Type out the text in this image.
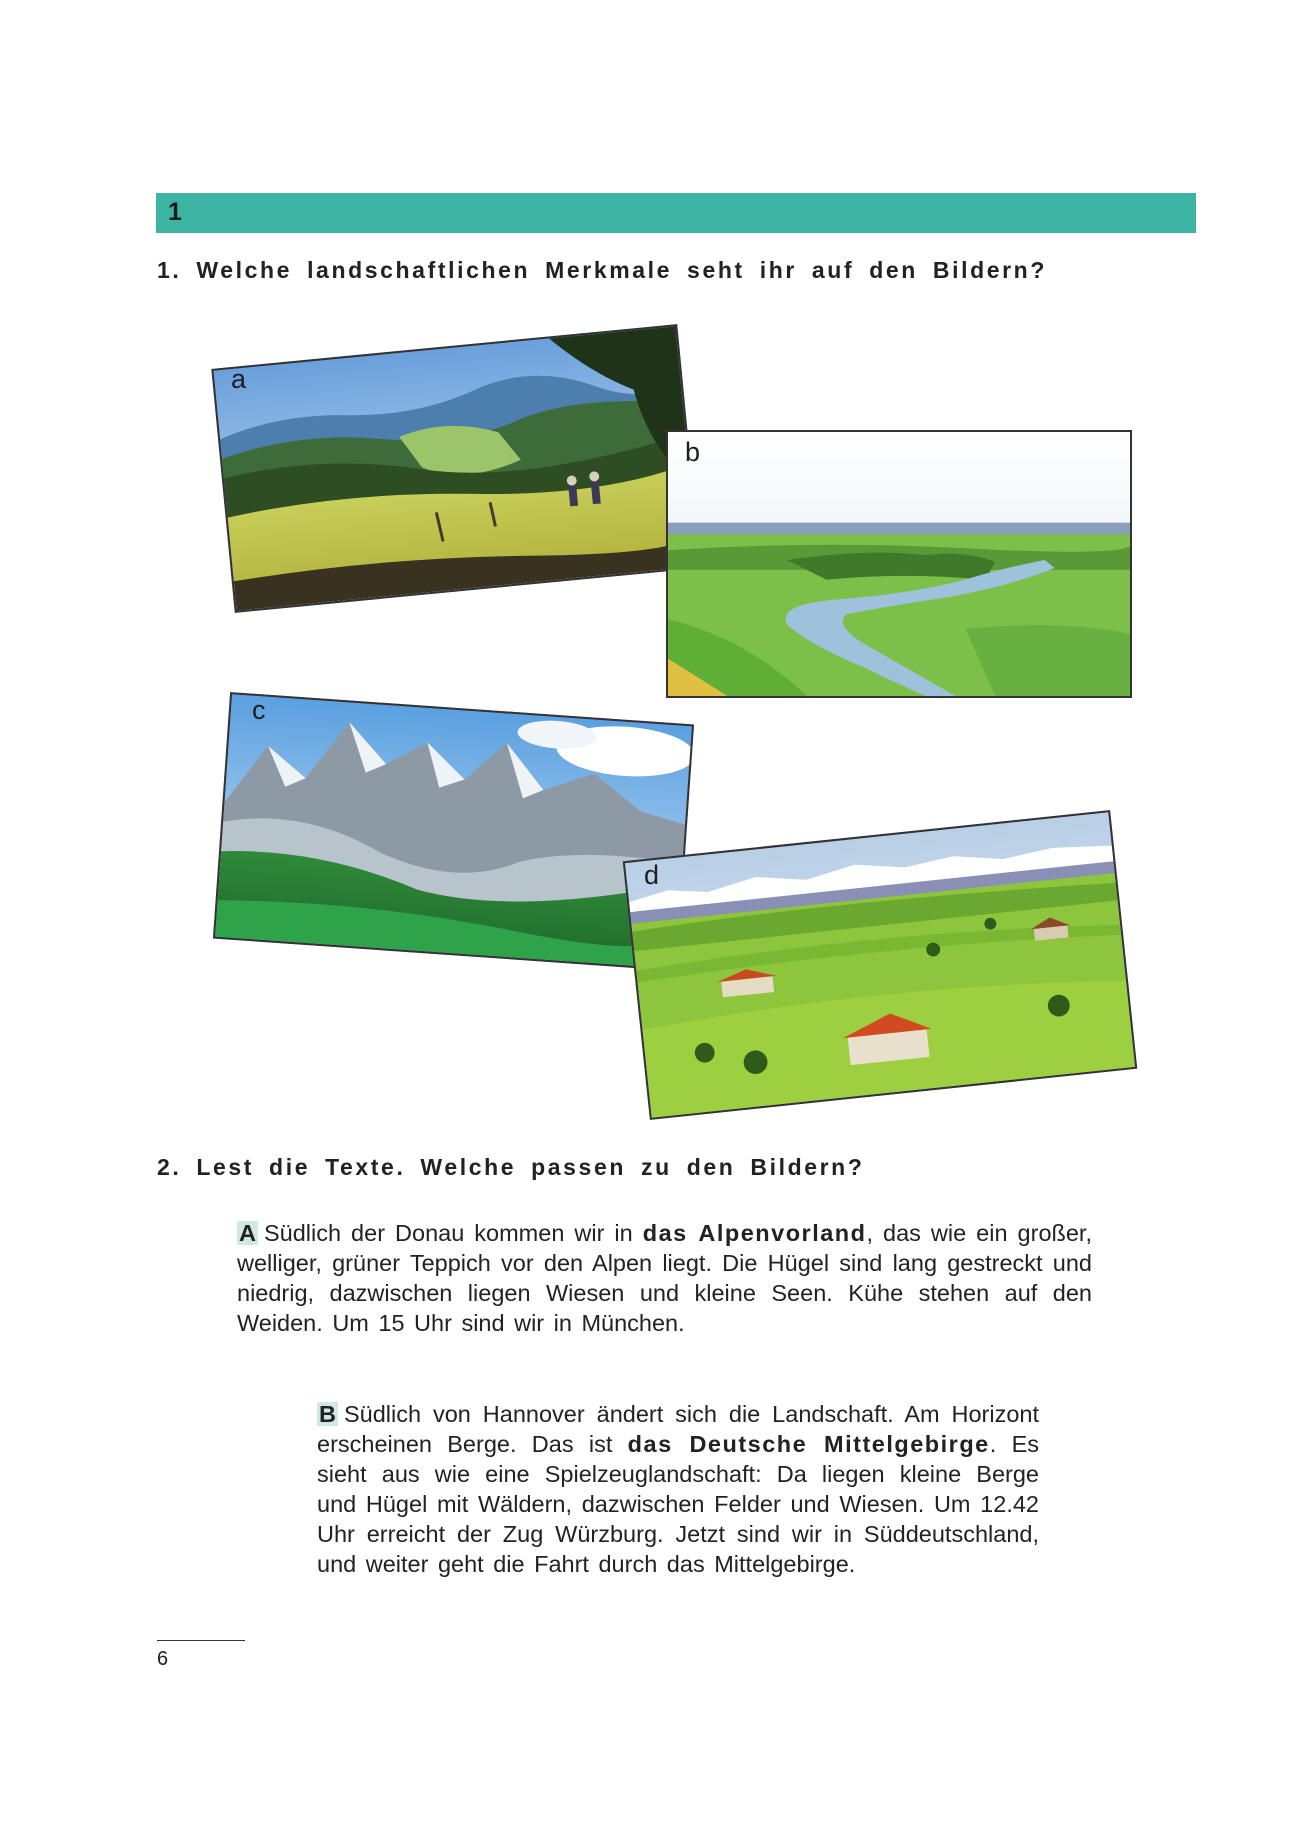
1
1. Welche landschaftlichen Merkmale seht ihr auf den Bildern?
a
b
c
d
2. Lest die Texte. Welche passen zu den Bildern?
A Südlich der Donau kommen wir in das Alpenvorland, das wie ein großer, welliger, grüner Teppich vor den Alpen liegt. Die Hügel sind lang gestreckt und niedrig, dazwischen liegen Wiesen und kleine Seen. Kühe stehen auf den Weiden. Um 15 Uhr sind wir in München.
B Südlich von Hannover ändert sich die Landschaft. Am Horizont erscheinen Berge. Das ist das Deutsche Mittelgebirge. Es sieht aus wie eine Spielzeuglandschaft: Da liegen kleine Berge und Hügel mit Wäldern, dazwischen Felder und Wiesen. Um 12.42 Uhr erreicht der Zug Würzburg. Jetzt sind wir in Süddeutschland, und weiter geht die Fahrt durch das Mittelgebirge.
6
